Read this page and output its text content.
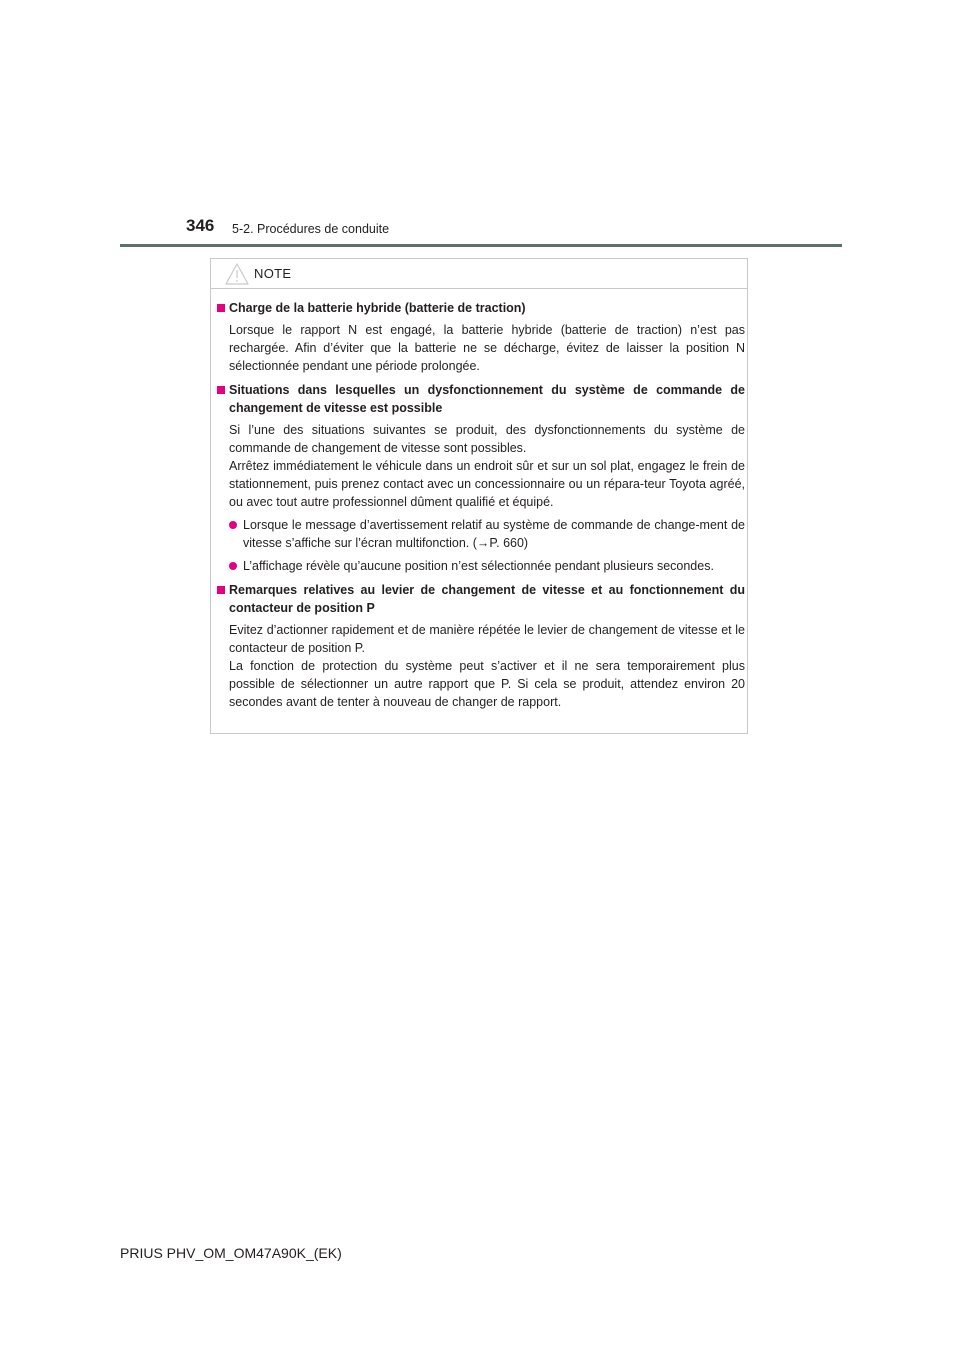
346 5-2. Procédures de conduite
NOTE
Charge de la batterie hybride (batterie de traction)
Lorsque le rapport N est engagé, la batterie hybride (batterie de traction) n’est pas rechargée. Afin d’éviter que la batterie ne se décharge, évitez de laisser la position N sélectionnée pendant une période prolongée.
Situations dans lesquelles un dysfonctionnement du système de commande de changement de vitesse est possible
Si l’une des situations suivantes se produit, des dysfonctionnements du système de commande de changement de vitesse sont possibles.
Arrêtez immédiatement le véhicule dans un endroit sûr et sur un sol plat, engagez le frein de stationnement, puis prenez contact avec un concessionnaire ou un répara-teur Toyota agréé, ou avec tout autre professionnel dûment qualifié et équipé.
Lorsque le message d’avertissement relatif au système de commande de change-ment de vitesse s’affiche sur l’écran multifonction. (→P. 660)
L’affichage révèle qu’aucune position n’est sélectionnée pendant plusieurs secondes.
Remarques relatives au levier de changement de vitesse et au fonctionnement du contacteur de position P
Evitez d’actionner rapidement et de manière répétée le levier de changement de vitesse et le contacteur de position P.
La fonction de protection du système peut s’activer et il ne sera temporairement plus possible de sélectionner un autre rapport que P. Si cela se produit, attendez environ 20 secondes avant de tenter à nouveau de changer de rapport.
PRIUS PHV_OM_OM47A90K_(EK)
